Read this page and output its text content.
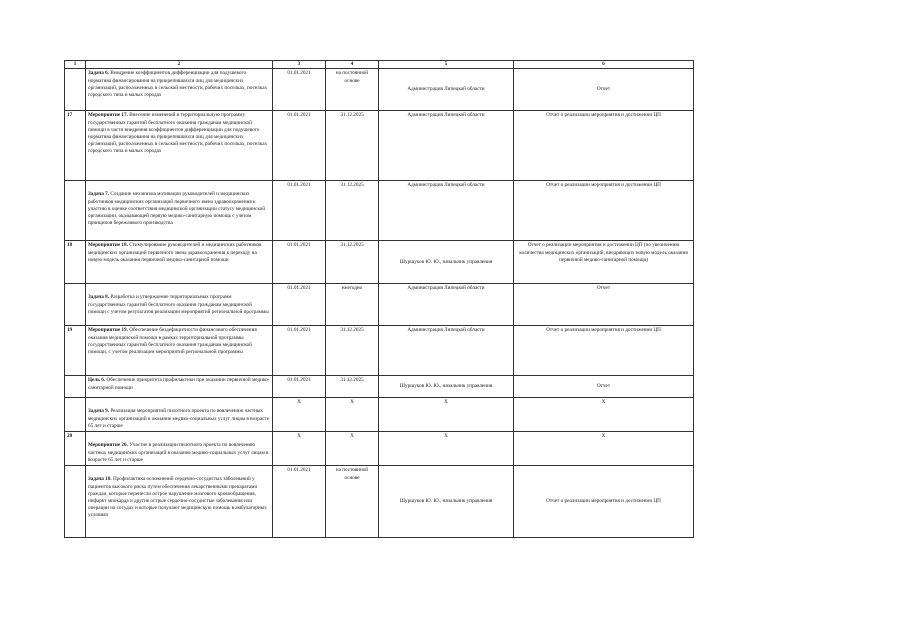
1	2	3	4	5	6
	Задача 6. Внедрение коэффициентов дифференциации для подушевого норматива финансирования на прикрепившихся лиц для медицинских организаций, расположенных в сельской местности, рабочих поселках, поселках городского типа и малых городах	01.01.2021	на постоянной основе	Администрация Липецкой области	Отчет
17	Мероприятие 17. Внесение изменений в территориальную программу государственных гарантий бесплатного оказания гражданам медицинской помощи в части внедрения коэффициентов дифференциации для подушевого норматива финансирования на прикрепившихся лиц для медицинских организаций, расположенных в сельской местности, рабочих поселках, поселках городского типа и малых городах	01.01.2021	31.12.2025	Администрация Липецкой области	Отчет о реализации мероприятия и достижении ЦП
	Задача 7. Создание механизма мотивации руководителей и медицинских работников медицинских организаций первичного звена здравоохранения к участию в оценке соответствия медицинской организации статусу медицинской организации, оказывающей первую медико-санитарную помощь с учетом принципов бережливого производства	01.01.2021	31.12.2025	Администрация Липецкой области	Отчет о реализации мероприятия и достижении ЦП
18	Мероприятие 18. Стимулирование руководителей и медицинских работников медицинских организаций первичного звена здравоохранения к переходу на новую модель оказания первичной медико-санитарной помощи	01.01.2021	31.12.2025	Шуршуков Ю. Ю., начальник управления	Отчет о реализации мероприятия и достижении ЦП (по увеличению количества медицинских организаций, внедряющих новую модель оказания первичной медико-санитарной помощи)
	Задача 8. Разработка и утверждение территориальных программ государственных гарантий бесплатного оказания гражданам медицинской помощи с учетом результатов реализации мероприятий региональной программы	01.01.2021	ежегодно	Администрация Липецкой области	Отчет
19	Мероприятие 19. Обеспечение бездефицитности финансового обеспечения оказания медицинской помощи в рамках территориальной программы государственных гарантий бесплатного оказания гражданам медицинской помощи, с учетом реализации мероприятий региональной программы	01.01.2021	31.12.2025	Администрация Липецкой области	Отчет о реализации мероприятия и достижении ЦП
	Цель 6. Обеспечение приоритета профилактики при оказании первичной медико-санитарной помощи	01.01.2021	31.12.2025	Шуршуков Ю. Ю., начальник управления	Отчет
	Задача 9. Реализация мероприятий пилотного проекта по вовлечению частных медицинских организаций в оказание медико-социальных услуг лицам в возрасте 65 лет и старше	Х	Х	Х	Х
20	Мероприятие 20. Участие в реализации пилотного проекта по вовлечению частных медицинских организаций в оказание медико-социальных услуг лицам в возрасте 65 лет и старше	Х	Х	Х	Х
	Задача 10. Профилактика осложнений сердечно-сосудистых заболеваний у пациентов высокого риска путем обеспечения лекарственными препаратами граждан, которые перенесли острое нарушение мозгового кровообращения, инфаркт миокарда и другие острые сердечно-сосудистые заболевания или операции на сосудах и которые получают медицинскую помощь в амбулаторных условиях	01.01.2021	на постоянной основе	Шуршуков Ю. Ю., начальник управления	Отчет о реализации мероприятия и достижении ЦП
